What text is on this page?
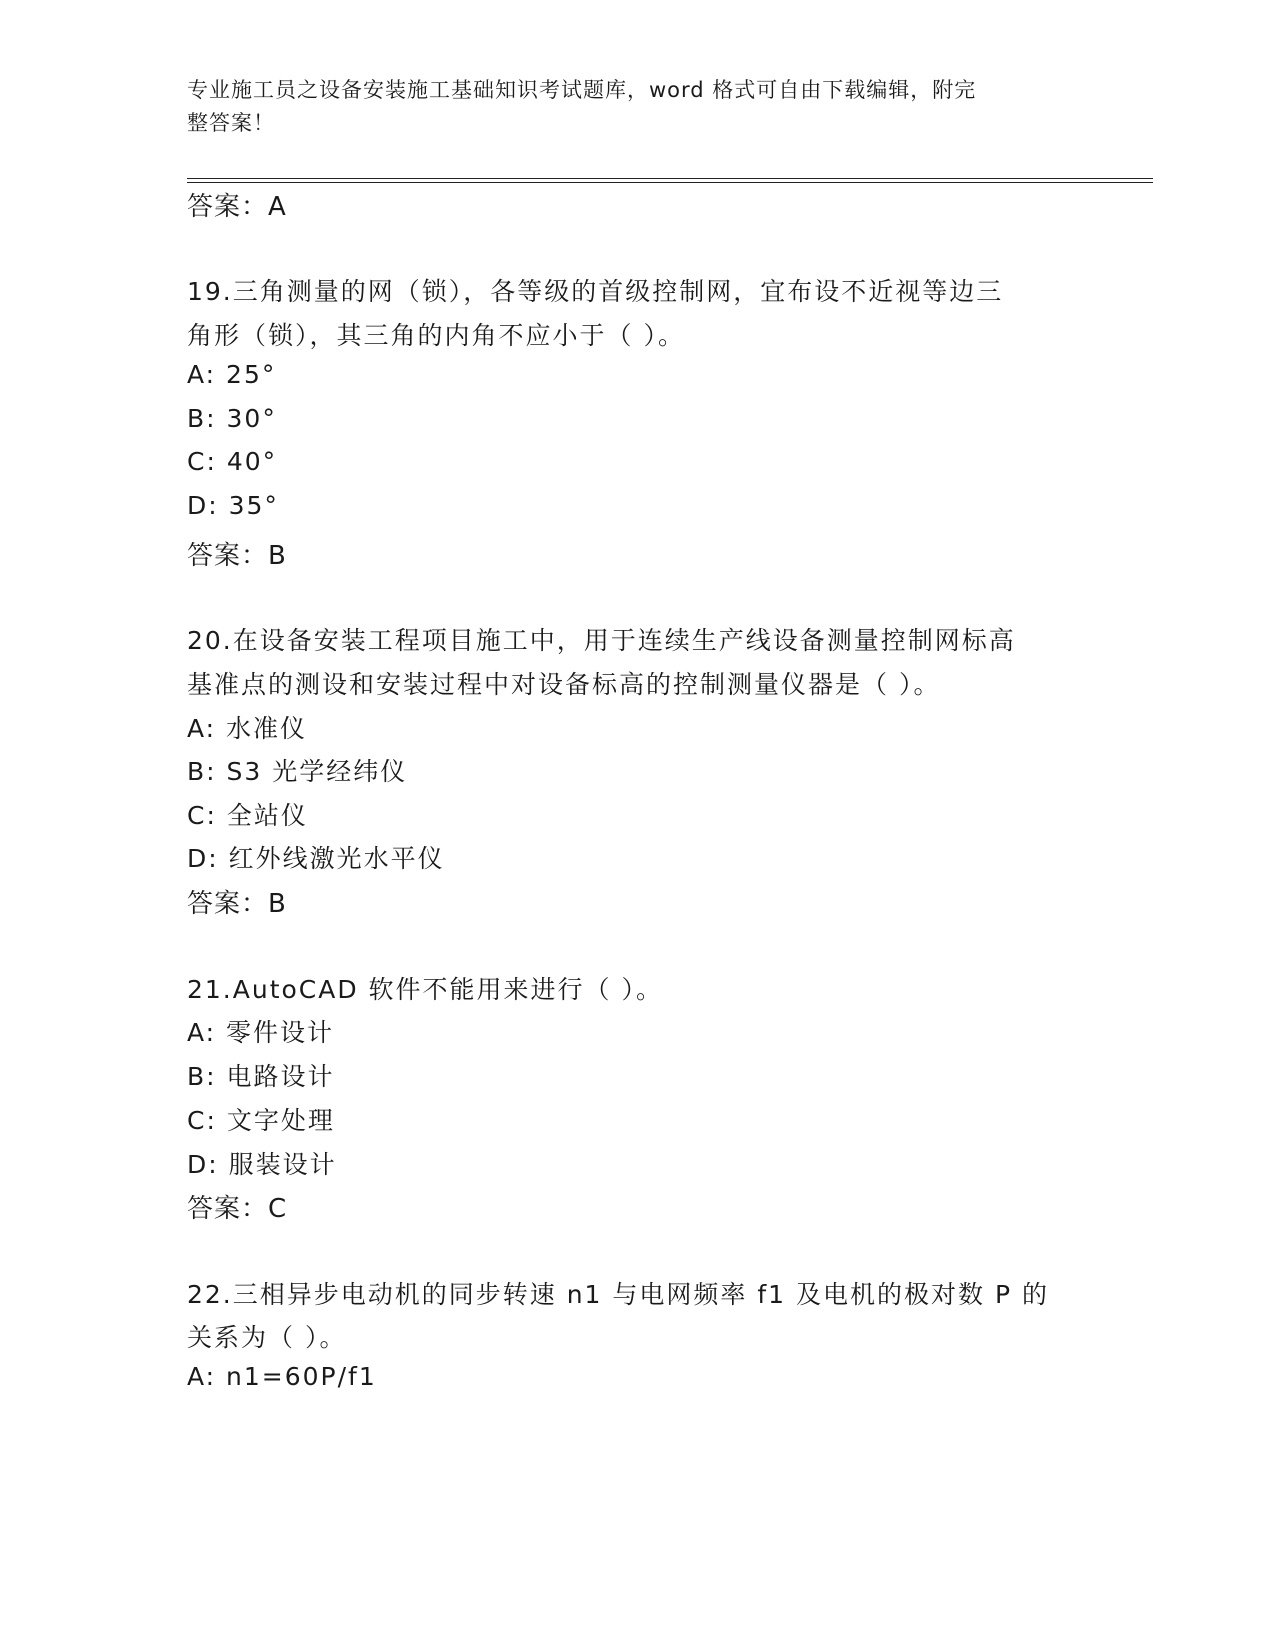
专业施工员之设备安装施工基础知识考试题库，word 格式可自由下载编辑，附完
整答案！
答案：A
19.三角测量的网（锁），各等级的首级控制网，宜布设不近视等边三
角形（锁），其三角的内角不应小于（ ）。
A: 25°
B: 30°
C: 40°
D: 35°
答案：B
20.在设备安装工程项目施工中，用于连续生产线设备测量控制网标高
基准点的测设和安装过程中对设备标高的控制测量仪器是（ ）。
A: 水准仪
B: S3 光学经纬仪
C: 全站仪
D: 红外线激光水平仪
答案：B
21.AutoCAD 软件不能用来进行（ ）。
A: 零件设计
B: 电路设计
C: 文字处理
D: 服装设计
答案：C
22.三相异步电动机的同步转速 n1 与电网频率 f1 及电机的极对数 P 的
关系为（ ）。
A: n1=60P/f1
